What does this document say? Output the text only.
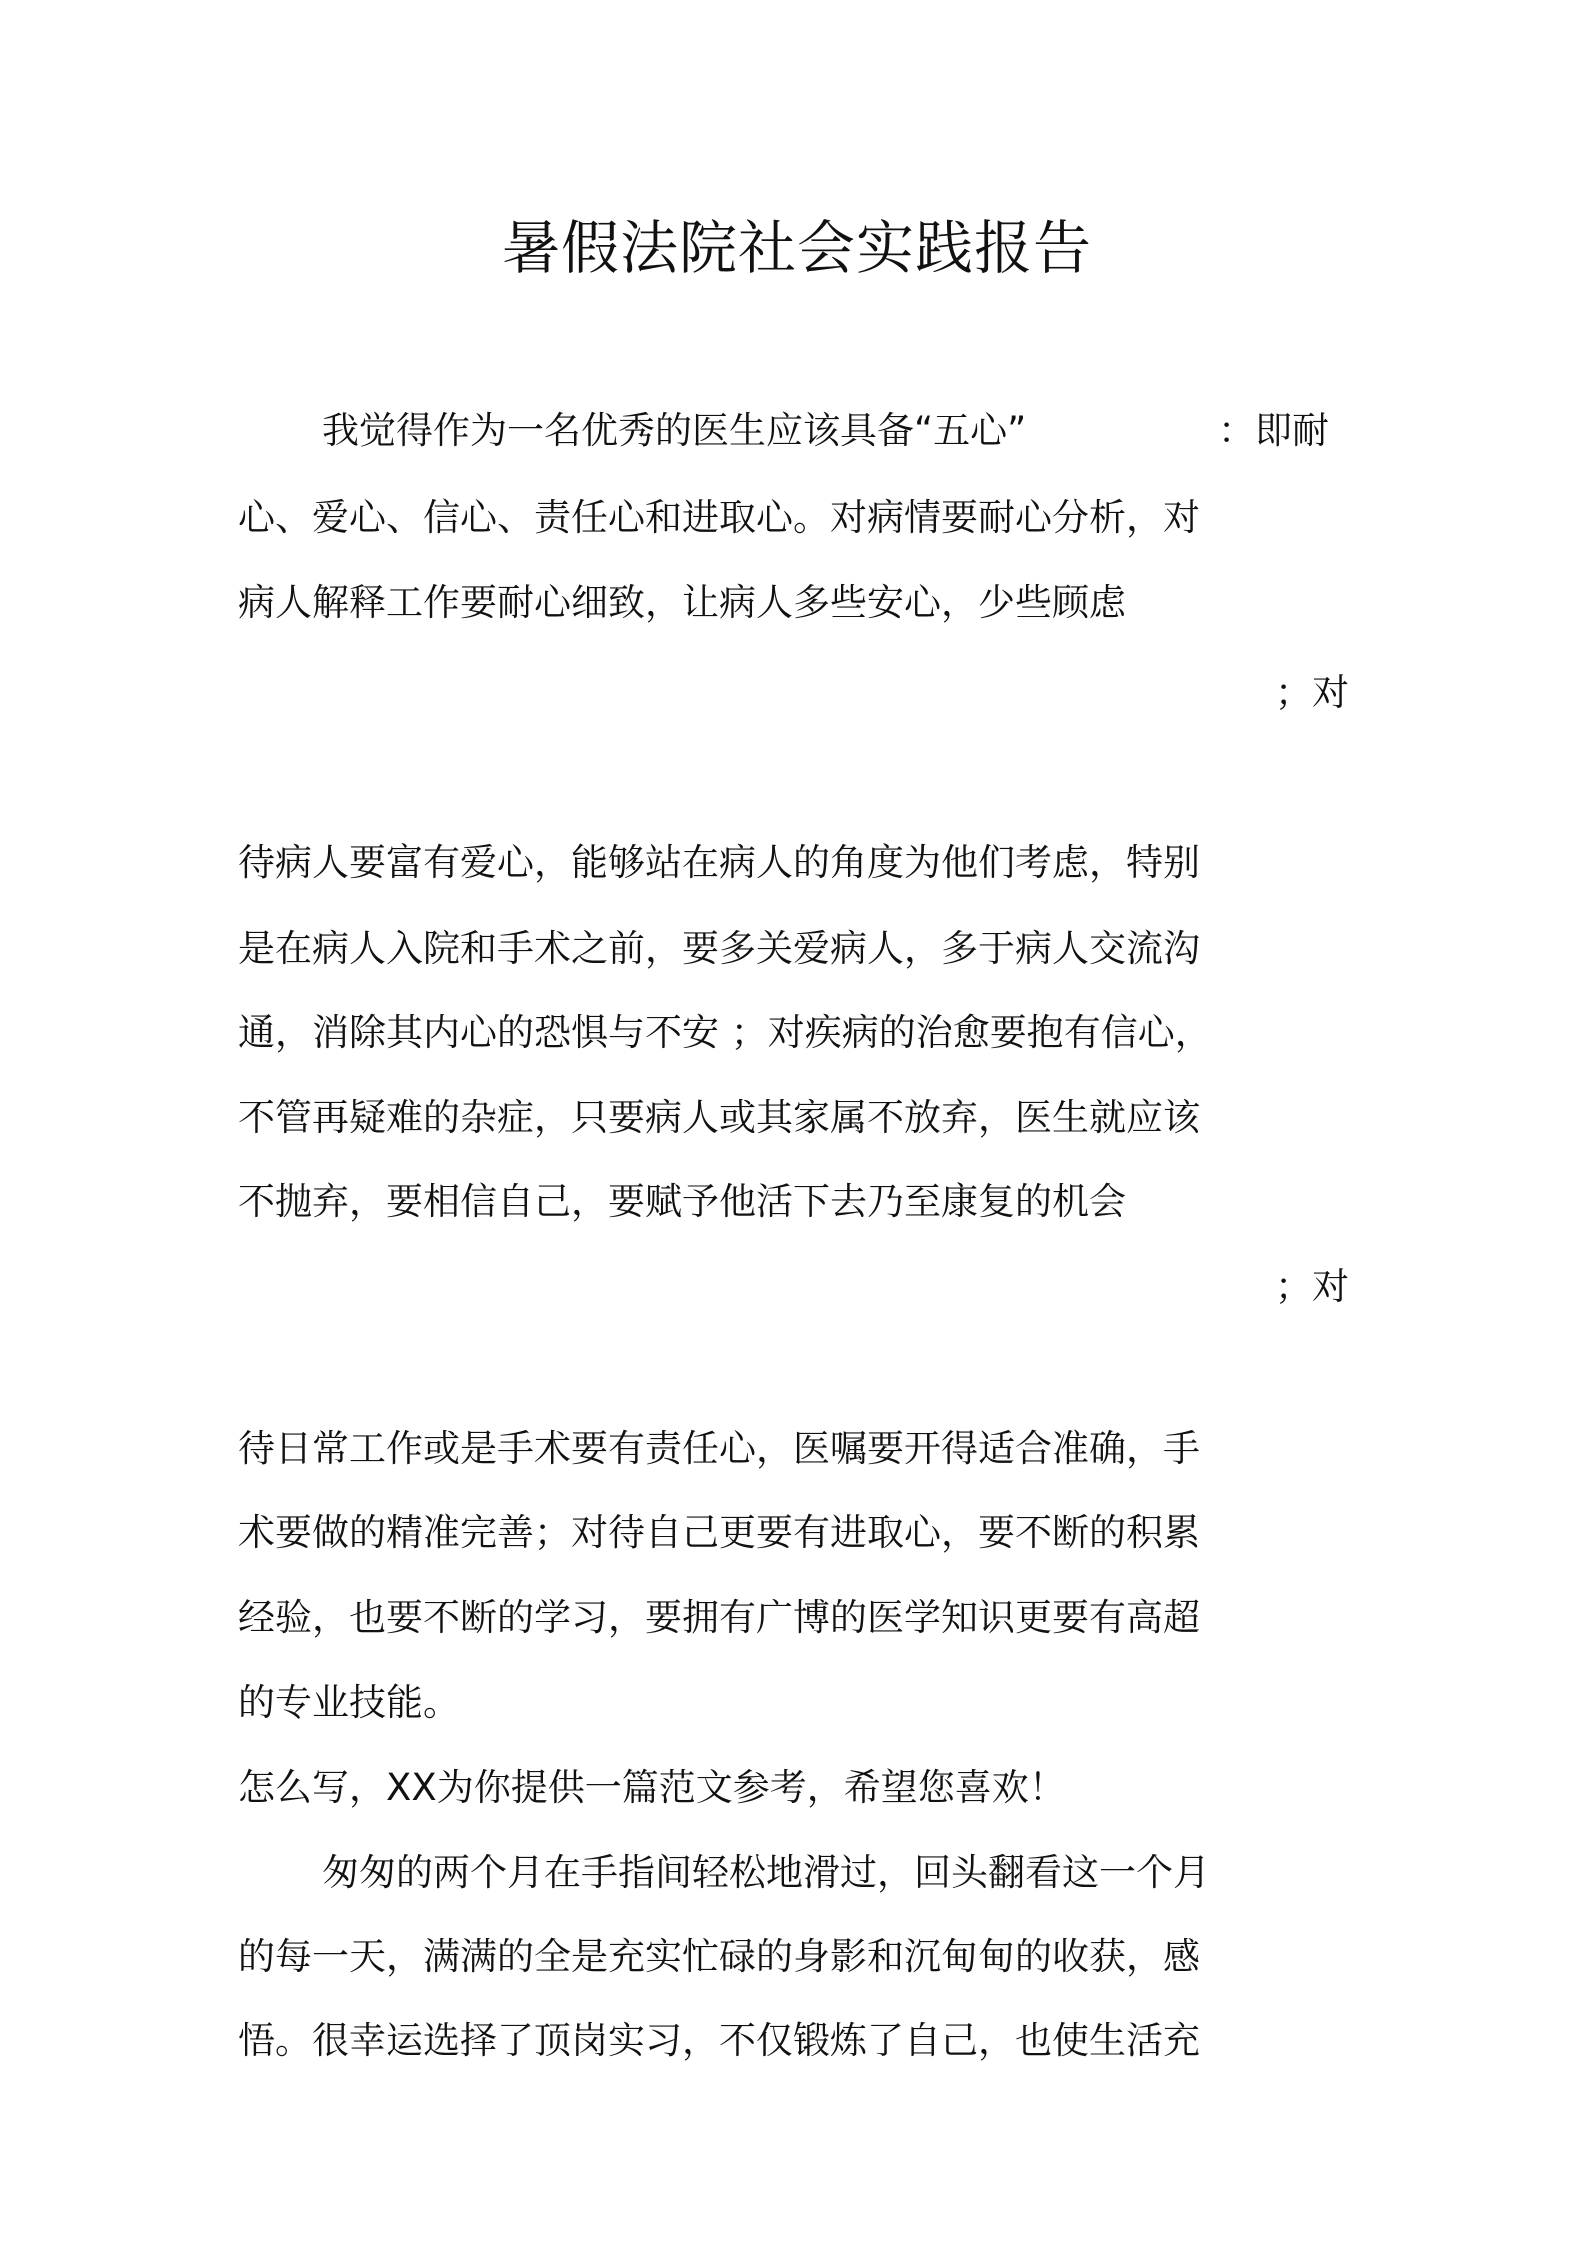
暑假法院社会实践报告

我觉得作为一名优秀的医生应该具备“五心”	：即耐

心、爱心、信心、责任心和进取心。对病情要耐心分析，对

病人解释工作要耐心细致，让病人多些安心，少些顾虑

；对

待病人要富有爱心，能够站在病人的角度为他们考虑，特别

是在病人入院和手术之前，要多关爱病人，多于病人交流沟

通，消除其内心的恐惧与不安 ；对疾病的治愈要抱有信心，

不管再疑难的杂症，只要病人或其家属不放弃，医生就应该

不抛弃，要相信自己，要赋予他活下去乃至康复的机会

；对

待日常工作或是手术要有责任心，医嘱要开得适合准确，手

术要做的精准完善；对待自己更要有进取心，要不断的积累

经验，也要不断的学习，要拥有广博的医学知识更要有高超

的专业技能。

怎么写，XX为你提供一篇范文参考，希望您喜欢！

匆匆的两个月在手指间轻松地滑过，回头翻看这一个月

的每一天，满满的全是充实忙碌的身影和沉甸甸的收获，感

悟。很幸运选择了顶岗实习，不仅锻炼了自己，也使生活充
